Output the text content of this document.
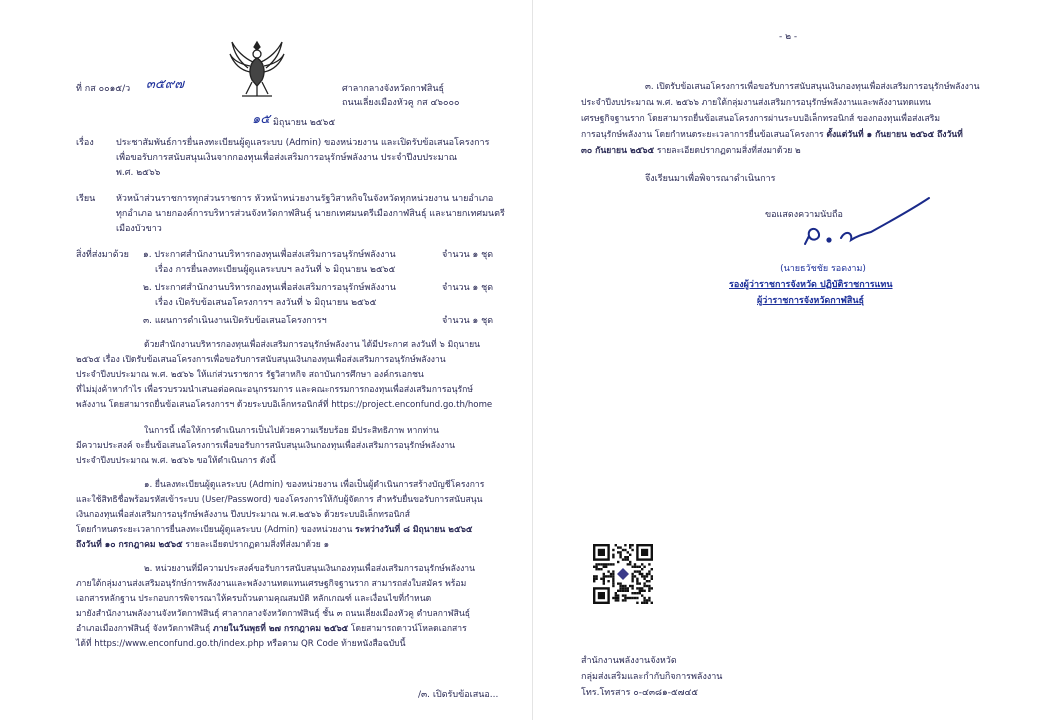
ที่ กส ๐๐๑๕/ว ๓๕๙๗	ศาลากลางจังหวัดกาฬสินธุ์
ถนนเลี่ยงเมืองหัวคู กส ๔๖๐๐๐
๑๕ มิถุนายน ๒๕๖๕
เรื่อง ประชาสัมพันธ์การยื่นลงทะเบียนผู้ดูแลระบบ (Admin) ของหน่วยงาน และเปิดรับข้อเสนอโครงการ
เพื่อขอรับการสนับสนุนเงินจากกองทุนเพื่อส่งเสริมการอนุรักษ์พลังงาน ประจำปีงบประมาณ
พ.ศ. ๒๕๖๖
เรียน หัวหน้าส่วนราชการทุกส่วนราชการ หัวหน้าหน่วยงานรัฐวิสาหกิจในจังหวัดทุกหน่วยงาน นายอำเภอ
ทุกอำเภอ นายกองค์การบริหารส่วนจังหวัดกาฬสินธุ์ นายกเทศมนตรีเมืองกาฬสินธุ์ และนายกเทศมนตรี
เมืองบัวขาว
สิ่งที่ส่งมาด้วย ๑. ประกาศสำนักงานบริหารกองทุนเพื่อส่งเสริมการอนุรักษ์พลังงาน	จำนวน ๑ ชุด
เรื่อง การยื่นลงทะเบียนผู้ดูแลระบบฯ ลงวันที่ ๖ มิถุนายน ๒๕๖๕
๒. ประกาศสำนักงานบริหารกองทุนเพื่อส่งเสริมการอนุรักษ์พลังงาน	จำนวน ๑ ชุด
เรื่อง เปิดรับข้อเสนอโครงการฯ ลงวันที่ ๖ มิถุนายน ๒๕๖๕
๓. แผนการดำเนินงานเปิดรับข้อเสนอโครงการฯ	จำนวน ๑ ชุด
ด้วยสำนักงานบริหารกองทุนเพื่อส่งเสริมการอนุรักษ์พลังงาน ได้มีประกาศ ลงวันที่ ๖ มิถุนายน
๒๕๖๕ เรื่อง เปิดรับข้อเสนอโครงการเพื่อขอรับการสนับสนุนเงินกองทุนเพื่อส่งเสริมการอนุรักษ์พลังงาน
ประจำปีงบประมาณ พ.ศ. ๒๕๖๖ ให้แก่ส่วนราชการ รัฐวิสาหกิจ สถาบันการศึกษา องค์กรเอกชน
ที่ไม่มุ่งค้าหากำไร เพื่อรวบรวมนำเสนอต่อคณะอนุกรรมการ และคณะกรรมการกองทุนเพื่อส่งเสริมการอนุรักษ์
พลังงาน โดยสามารถยื่นข้อเสนอโครงการฯ ด้วยระบบอิเล็กทรอนิกส์ที่ https://project.enconfund.go.th/home
ในการนี้ เพื่อให้การดำเนินการเป็นไปด้วยความเรียบร้อย มีประสิทธิภาพ หากท่าน
มีความประสงค์ จะยื่นข้อเสนอโครงการเพื่อขอรับการสนับสนุนเงินกองทุนเพื่อส่งเสริมการอนุรักษ์พลังงาน
ประจำปีงบประมาณ พ.ศ. ๒๕๖๖ ขอให้ดำเนินการ ดังนี้
๑. ยื่นลงทะเบียนผู้ดูแลระบบ (Admin) ของหน่วยงาน เพื่อเป็นผู้ดำเนินการสร้างบัญชีโครงการ
และใช้สิทธิชื่อพร้อมรหัสเข้าระบบ (User/Password) ของโครงการให้กับผู้จัดการ สำหรับยื่นขอรับการสนับสนุน
เงินกองทุนเพื่อส่งเสริมการอนุรักษ์พลังงาน ปีงบประมาณ พ.ศ.๒๕๖๖ ด้วยระบบอิเล็กทรอนิกส์
โดยกำหนดระยะเวลาการยื่นลงทะเบียนผู้ดูแลระบบ (Admin) ของหน่วยงาน ระหว่างวันที่ ๘ มิถุนายน ๒๕๖๕
ถึงวันที่ ๑๐ กรกฎาคม ๒๕๖๕ รายละเอียดปรากฏตามสิ่งที่ส่งมาด้วย ๑
๒. หน่วยงานที่มีความประสงค์ขอรับการสนับสนุนเงินกองทุนเพื่อส่งเสริมการอนุรักษ์พลังงาน
ภายใต้กลุ่มงานส่งเสริมอนุรักษ์การพลังงานและพลังงานทดแทนเศรษฐกิจฐานราก สามารถส่งใบสมัคร พร้อม
เอกสารหลักฐาน ประกอบการพิจารณาให้ครบถ้วนตามคุณสมบัติ หลักเกณฑ์ และเงื่อนไขที่กำหนด
มายังสำนักงานพลังงานจังหวัดกาฬสินธุ์ ศาลากลางจังหวัดกาฬสินธุ์ ชั้น ๓ ถนนเลี่ยงเมืองหัวคู ตำบลกาฬสินธุ์
อำเภอเมืองกาฬสินธุ์ จังหวัดกาฬสินธุ์ ภายในวันพุธที่ ๒๗ กรกฎาคม ๒๕๖๕ โดยสามารถดาวน์โหลดเอกสาร
ได้ที่ https://www.enconfund.go.th/index.php หรือตาม QR Code ท้ายหนังสือฉบับนี้
/๓. เปิดรับข้อเสนอ...
- ๒ -
๓. เปิดรับข้อเสนอโครงการเพื่อขอรับการสนับสนุนเงินกองทุนเพื่อส่งเสริมการอนุรักษ์พลังงาน
ประจำปีงบประมาณ พ.ศ. ๒๕๖๖ ภายใต้กลุ่มงานส่งเสริมการอนุรักษ์พลังงานและพลังงานทดแทน
เศรษฐกิจฐานราก โดยสามารถยื่นข้อเสนอโครงการผ่านระบบอิเล็กทรอนิกส์ ของกองทุนเพื่อส่งเสริม
การอนุรักษ์พลังงาน โดยกำหนดระยะเวลาการยื่นข้อเสนอโครงการ ตั้งแต่วันที่ ๑ กันยายน ๒๕๖๕ ถึงวันที่
๓๐ กันยายน ๒๕๖๕ รายละเอียดปรากฏตามสิ่งที่ส่งมาด้วย ๒
จึงเรียนมาเพื่อพิจารณาดำเนินการ
ขอแสดงความนับถือ
(นายธวัชชัย รอดงาม)
รองผู้ว่าราชการจังหวัด ปฏิบัติราชการแทน
ผู้ว่าราชการจังหวัดกาฬสินธุ์
สำนักงานพลังงานจังหวัด
กลุ่มส่งเสริมและกำกับกิจการพลังงาน
โทร.โทรสาร ๐-๔๓๘๑-๕๗๔๕
